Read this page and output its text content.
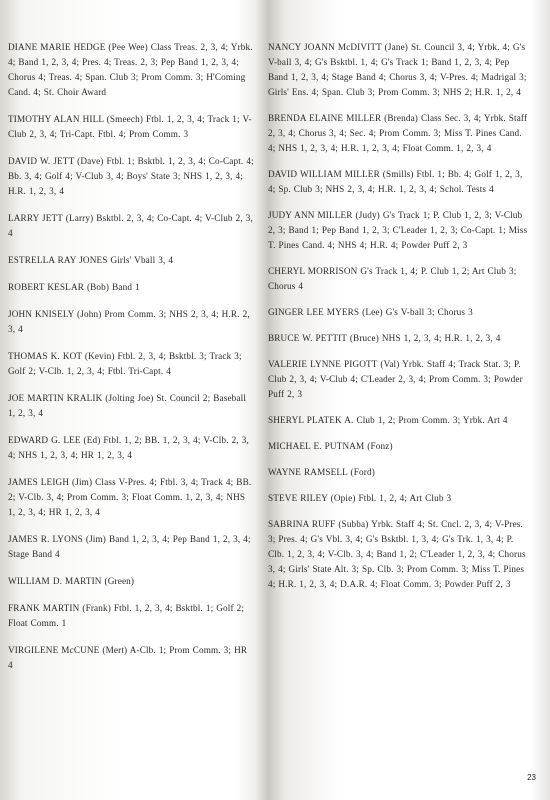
DIANE MARIE HEDGE (Pee Wee) Class Treas. 2, 3, 4; Yrbk. 4; Band 1, 2, 3, 4; Pres. 4; Treas. 2, 3; Pep Band 1, 2, 3, 4; Chorus 4; Treas. 4; Span. Club 3; Prom Comm. 3; H'Coming Cand. 4; St. Choir Award

TIMOTHY ALAN HILL (Smeech) Ftbl. 1, 2, 3, 4; Track 1; V-Club 2, 3, 4; Tri-Capt. Ftbl. 4; Prom Comm. 3

DAVID W. JETT (Dave) Ftbl. 1; Bsktbl. 1, 2, 3, 4; Co-Capt. 4; Bb. 3, 4; Golf 4; V-Club 3, 4; Boys' State 3; NHS 1, 2, 3, 4; H.R. 1, 2, 3, 4

LARRY JETT (Larry) Bsktbl. 2, 3, 4; Co-Capt. 4; V-Club 2, 3, 4

ESTRELLA RAY JONES Girls' Vball 3, 4

ROBERT KESLAR (Bob) Band 1

JOHN KNISELY (John) Prom Comm. 3; NHS 2, 3, 4; H.R. 2, 3, 4

THOMAS K. KOT (Kevin) Ftbl. 2, 3, 4; Bsktbl. 3; Track 3; Golf 2; V-Clb. 1, 2, 3, 4; Ftbl. Tri-Capt. 4

JOE MARTIN KRALIK (Jolting Joe) St. Council 2; Baseball 1, 2, 3, 4

EDWARD G. LEE (Ed) Ftbl. 1, 2; BB. 1, 2, 3, 4; V-Clb. 2, 3, 4; NHS 1, 2, 3, 4; HR 1, 2, 3, 4

JAMES LEIGH (Jim) Class V-Pres. 4; Ftbl. 3, 4; Track 4; BB. 2; V-Clb. 3, 4; Prom Comm. 3; Float Comm. 1, 2, 3, 4; NHS 1, 2, 3, 4; HR 1, 2, 3, 4

JAMES R. LYONS (Jim) Band 1, 2, 3, 4; Pep Band 1, 2, 3, 4; Stage Band 4

WILLIAM D. MARTIN (Green)

FRANK MARTIN (Frank) Ftbl. 1, 2, 3, 4; Bsktbl. 1; Golf 2; Float Comm. 1

VIRGILENE McCUNE (Mert) A-Clb. 1; Prom Comm. 3; HR 4

NANCY JOANN McDIVITT (Jane) St. Council 3, 4; Yrbk. 4; G's V-ball 3, 4; G's Bsktbl. 1, 4; G's Track 1; Band 1, 2, 3, 4; Pep Band 1, 2, 3, 4; Stage Band 4; Chorus 3, 4; V-Pres. 4; Madrigal 3; Girls' Ens. 4; Span. Club 3; Prom Comm. 3; NHS 2; H.R. 1, 2, 4

BRENDA ELAINE MILLER (Brenda) Class Sec. 3, 4; Yrbk. Staff 2, 3, 4; Chorus 3, 4; Sec. 4; Prom Comm. 3; Miss T. Pines Cand. 4; NHS 1, 2, 3, 4; H.R. 1, 2, 3, 4; Float Comm. 1, 2, 3, 4

DAVID WILLIAM MILLER (Smills) Ftbl. 1; Bb. 4; Golf 1, 2, 3, 4; Sp. Club 3; NHS 2, 3, 4; H.R. 1, 2, 3, 4; Schol. Tests 4

JUDY ANN MILLER (Judy) G's Track 1; P. Club 1, 2, 3; V-Club 2, 3; Band 1; Pep Band 1, 2, 3; C'Leader 1, 2, 3; Co-Capt. 1; Miss T. Pines Cand. 4; NHS 4; H.R. 4; Powder Puff 2, 3

CHERYL MORRISON G's Track 1, 4; P. Club 1, 2; Art Club 3; Chorus 4

GINGER LEE MYERS (Lee) G's V-ball 3; Chorus 3

BRUCE W. PETTIT (Bruce) NHS 1, 2, 3, 4; H.R. 1, 2, 3, 4

VALERIE LYNNE PIGOTT (Val) Yrbk. Staff 4; Track Stat. 3; P. Club 2, 3, 4; V-Club 4; C'Leader 2, 3, 4; Prom Comm. 3; Powder Puff 2, 3

SHERYL PLATEK A. Club 1, 2; Prom Comm. 3; Yrbk. Art 4

MICHAEL E. PUTNAM (Fonz)

WAYNE RAMSELL (Ford)

STEVE RILEY (Opie) Ftbl. 1, 2, 4; Art Club 3

SABRINA RUFF (Subba) Yrbk. Staff 4; St. Cncl. 2, 3, 4; V-Pres. 3; Pres. 4; G's Vbl. 3, 4; G's Bsktbl. 1, 3, 4; G's Trk. 1, 3, 4; P. Clb. 1, 2, 3, 4; V-Clb. 3, 4; Band 1, 2; C'Leader 1, 2, 3, 4; Chorus 3, 4; Girls' State Alt. 3; Sp. Clb. 3; Prom Comm. 3; Miss T. Pines 4; H.R. 1, 2, 3, 4; D.A.R. 4; Float Comm. 3; Powder Puff 2, 3

23
